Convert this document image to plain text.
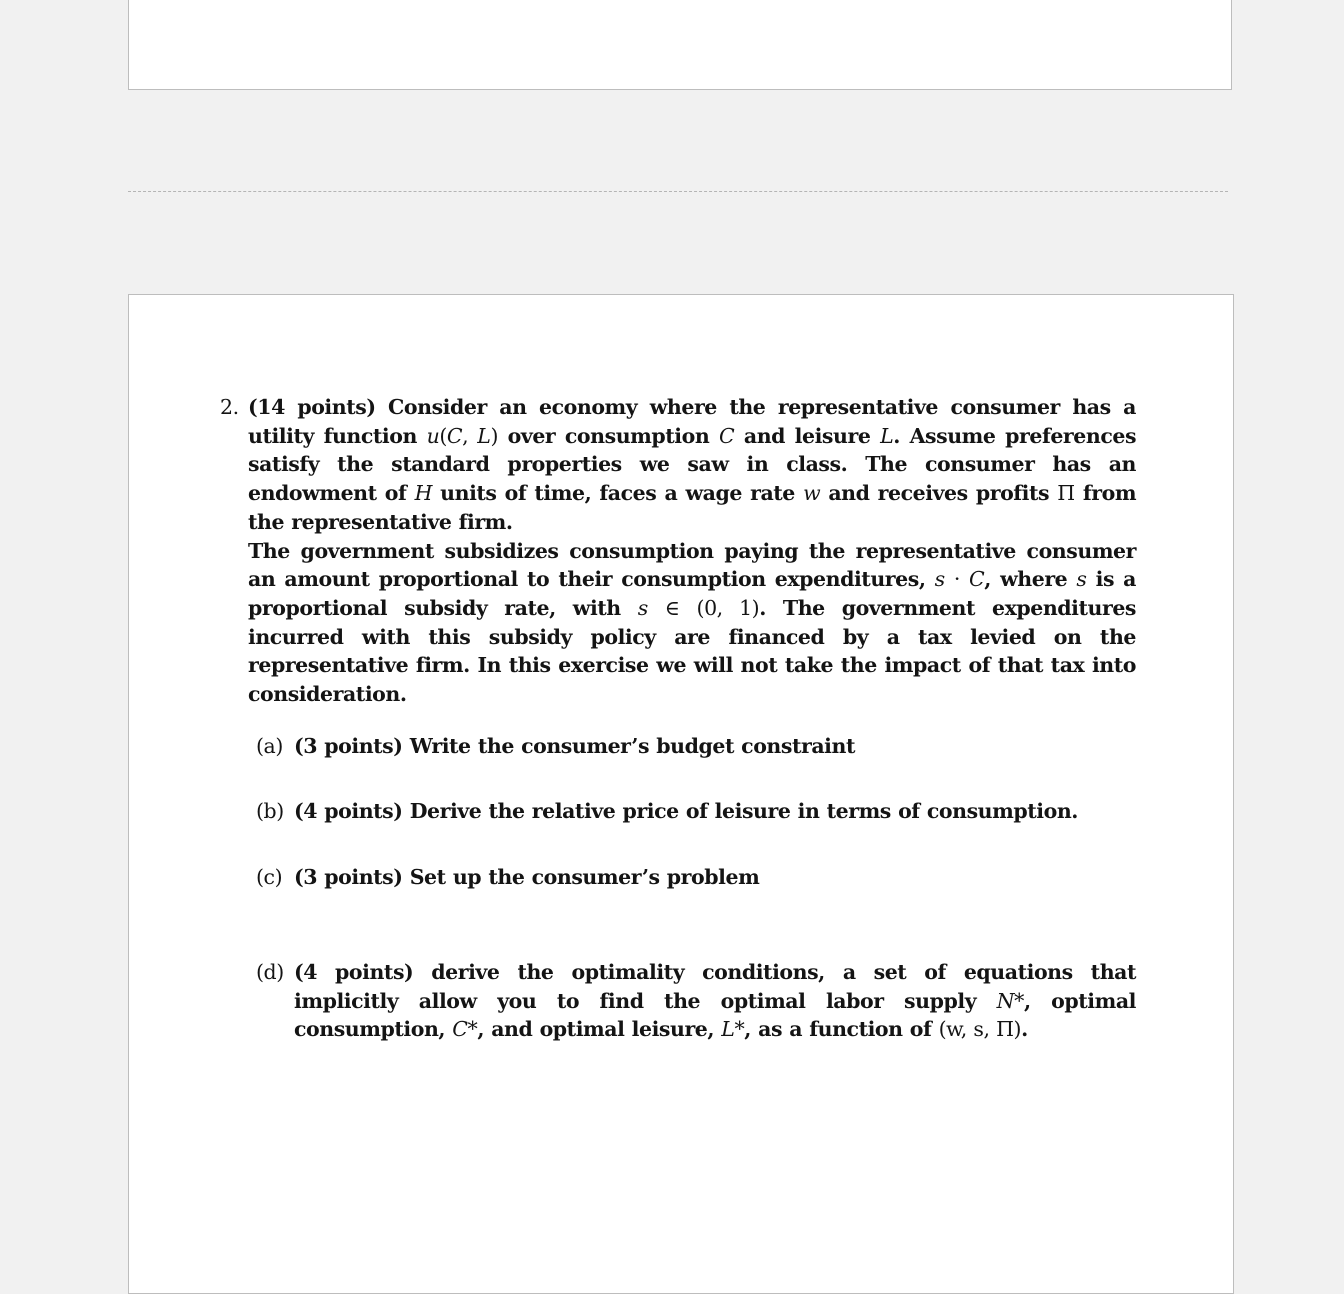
2. (14 points) Consider an economy where the representative consumer has a utility function u(C, L) over consumption C and leisure L. Assume preferences satisfy the standard properties we saw in class. The consumer has an endowment of H units of time, faces a wage rate w and receives profits Π from the representative firm.

The government subsidizes consumption paying the representative consumer an amount proportional to their consumption expenditures, s · C, where s is a proportional subsidy rate, with s ∈ (0, 1). The government expenditures incurred with this subsidy policy are financed by a tax levied on the representative firm. In this exercise we will not take the impact of that tax into consideration.

(a) (3 points) Write the consumer’s budget constraint
(b) (4 points) Derive the relative price of leisure in terms of consumption.
(c) (3 points) Set up the consumer’s problem
(d) (4 points) derive the optimality conditions, a set of equations that implicitly allow you to find the optimal labor supply N*, optimal consumption, C*, and optimal leisure, L*, as a function of (w, s, Π).
